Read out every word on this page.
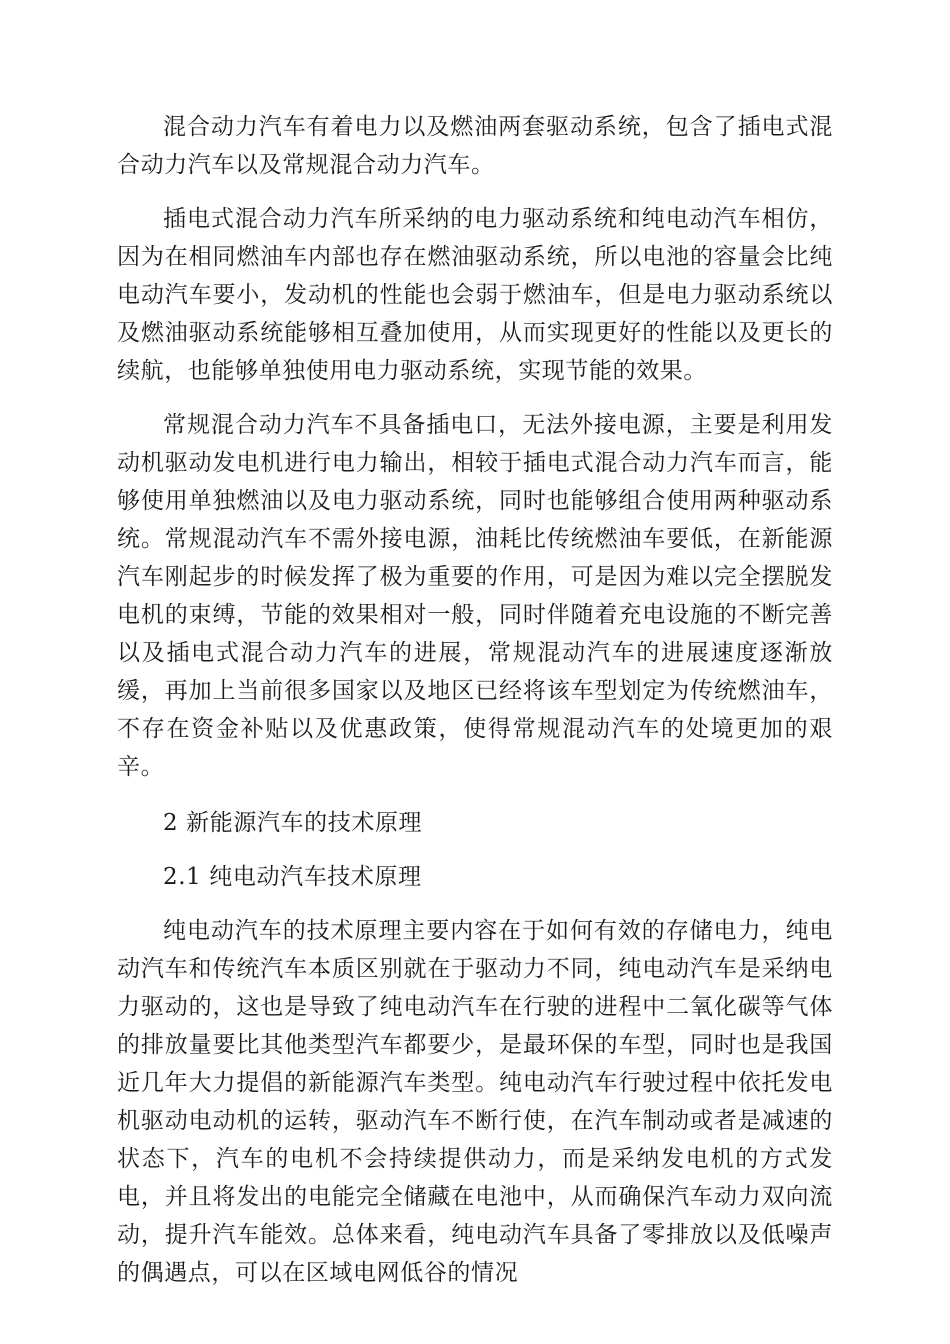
混合动力汽车有着电力以及燃油两套驱动系统，包含了插电式混合动力汽车以及常规混合动力汽车。

插电式混合动力汽车所采纳的电力驱动系统和纯电动汽车相仿，因为在相同燃油车内部也存在燃油驱动系统，所以电池的容量会比纯电动汽车要小，发动机的性能也会弱于燃油车，但是电力驱动系统以及燃油驱动系统能够相互叠加使用，从而实现更好的性能以及更长的续航，也能够单独使用电力驱动系统，实现节能的效果。

常规混合动力汽车不具备插电口，无法外接电源，主要是利用发动机驱动发电机进行电力输出，相较于插电式混合动力汽车而言，能够使用单独燃油以及电力驱动系统，同时也能够组合使用两种驱动系统。常规混动汽车不需外接电源，油耗比传统燃油车要低，在新能源汽车刚起步的时候发挥了极为重要的作用，可是因为难以完全摆脱发电机的束缚，节能的效果相对一般，同时伴随着充电设施的不断完善以及插电式混合动力汽车的进展，常规混动汽车的进展速度逐渐放缓，再加上当前很多国家以及地区已经将该车型划定为传统燃油车，不存在资金补贴以及优惠政策，使得常规混动汽车的处境更加的艰辛。

2 新能源汽车的技术原理

2.1 纯电动汽车技术原理

纯电动汽车的技术原理主要内容在于如何有效的存储电力，纯电动汽车和传统汽车本质区别就在于驱动力不同，纯电动汽车是采纳电力驱动的，这也是导致了纯电动汽车在行驶的进程中二氧化碳等气体的排放量要比其他类型汽车都要少，是最环保的车型，同时也是我国近几年大力提倡的新能源汽车类型。纯电动汽车行驶过程中依托发电机驱动电动机的运转，驱动汽车不断行使，在汽车制动或者是减速的状态下，汽车的电机不会持续提供动力，而是采纳发电机的方式发电，并且将发出的电能完全储藏在电池中，从而确保汽车动力双向流动，提升汽车能效。总体来看，纯电动汽车具备了零排放以及低噪声的偶遇点，可以在区域电网低谷的情况
